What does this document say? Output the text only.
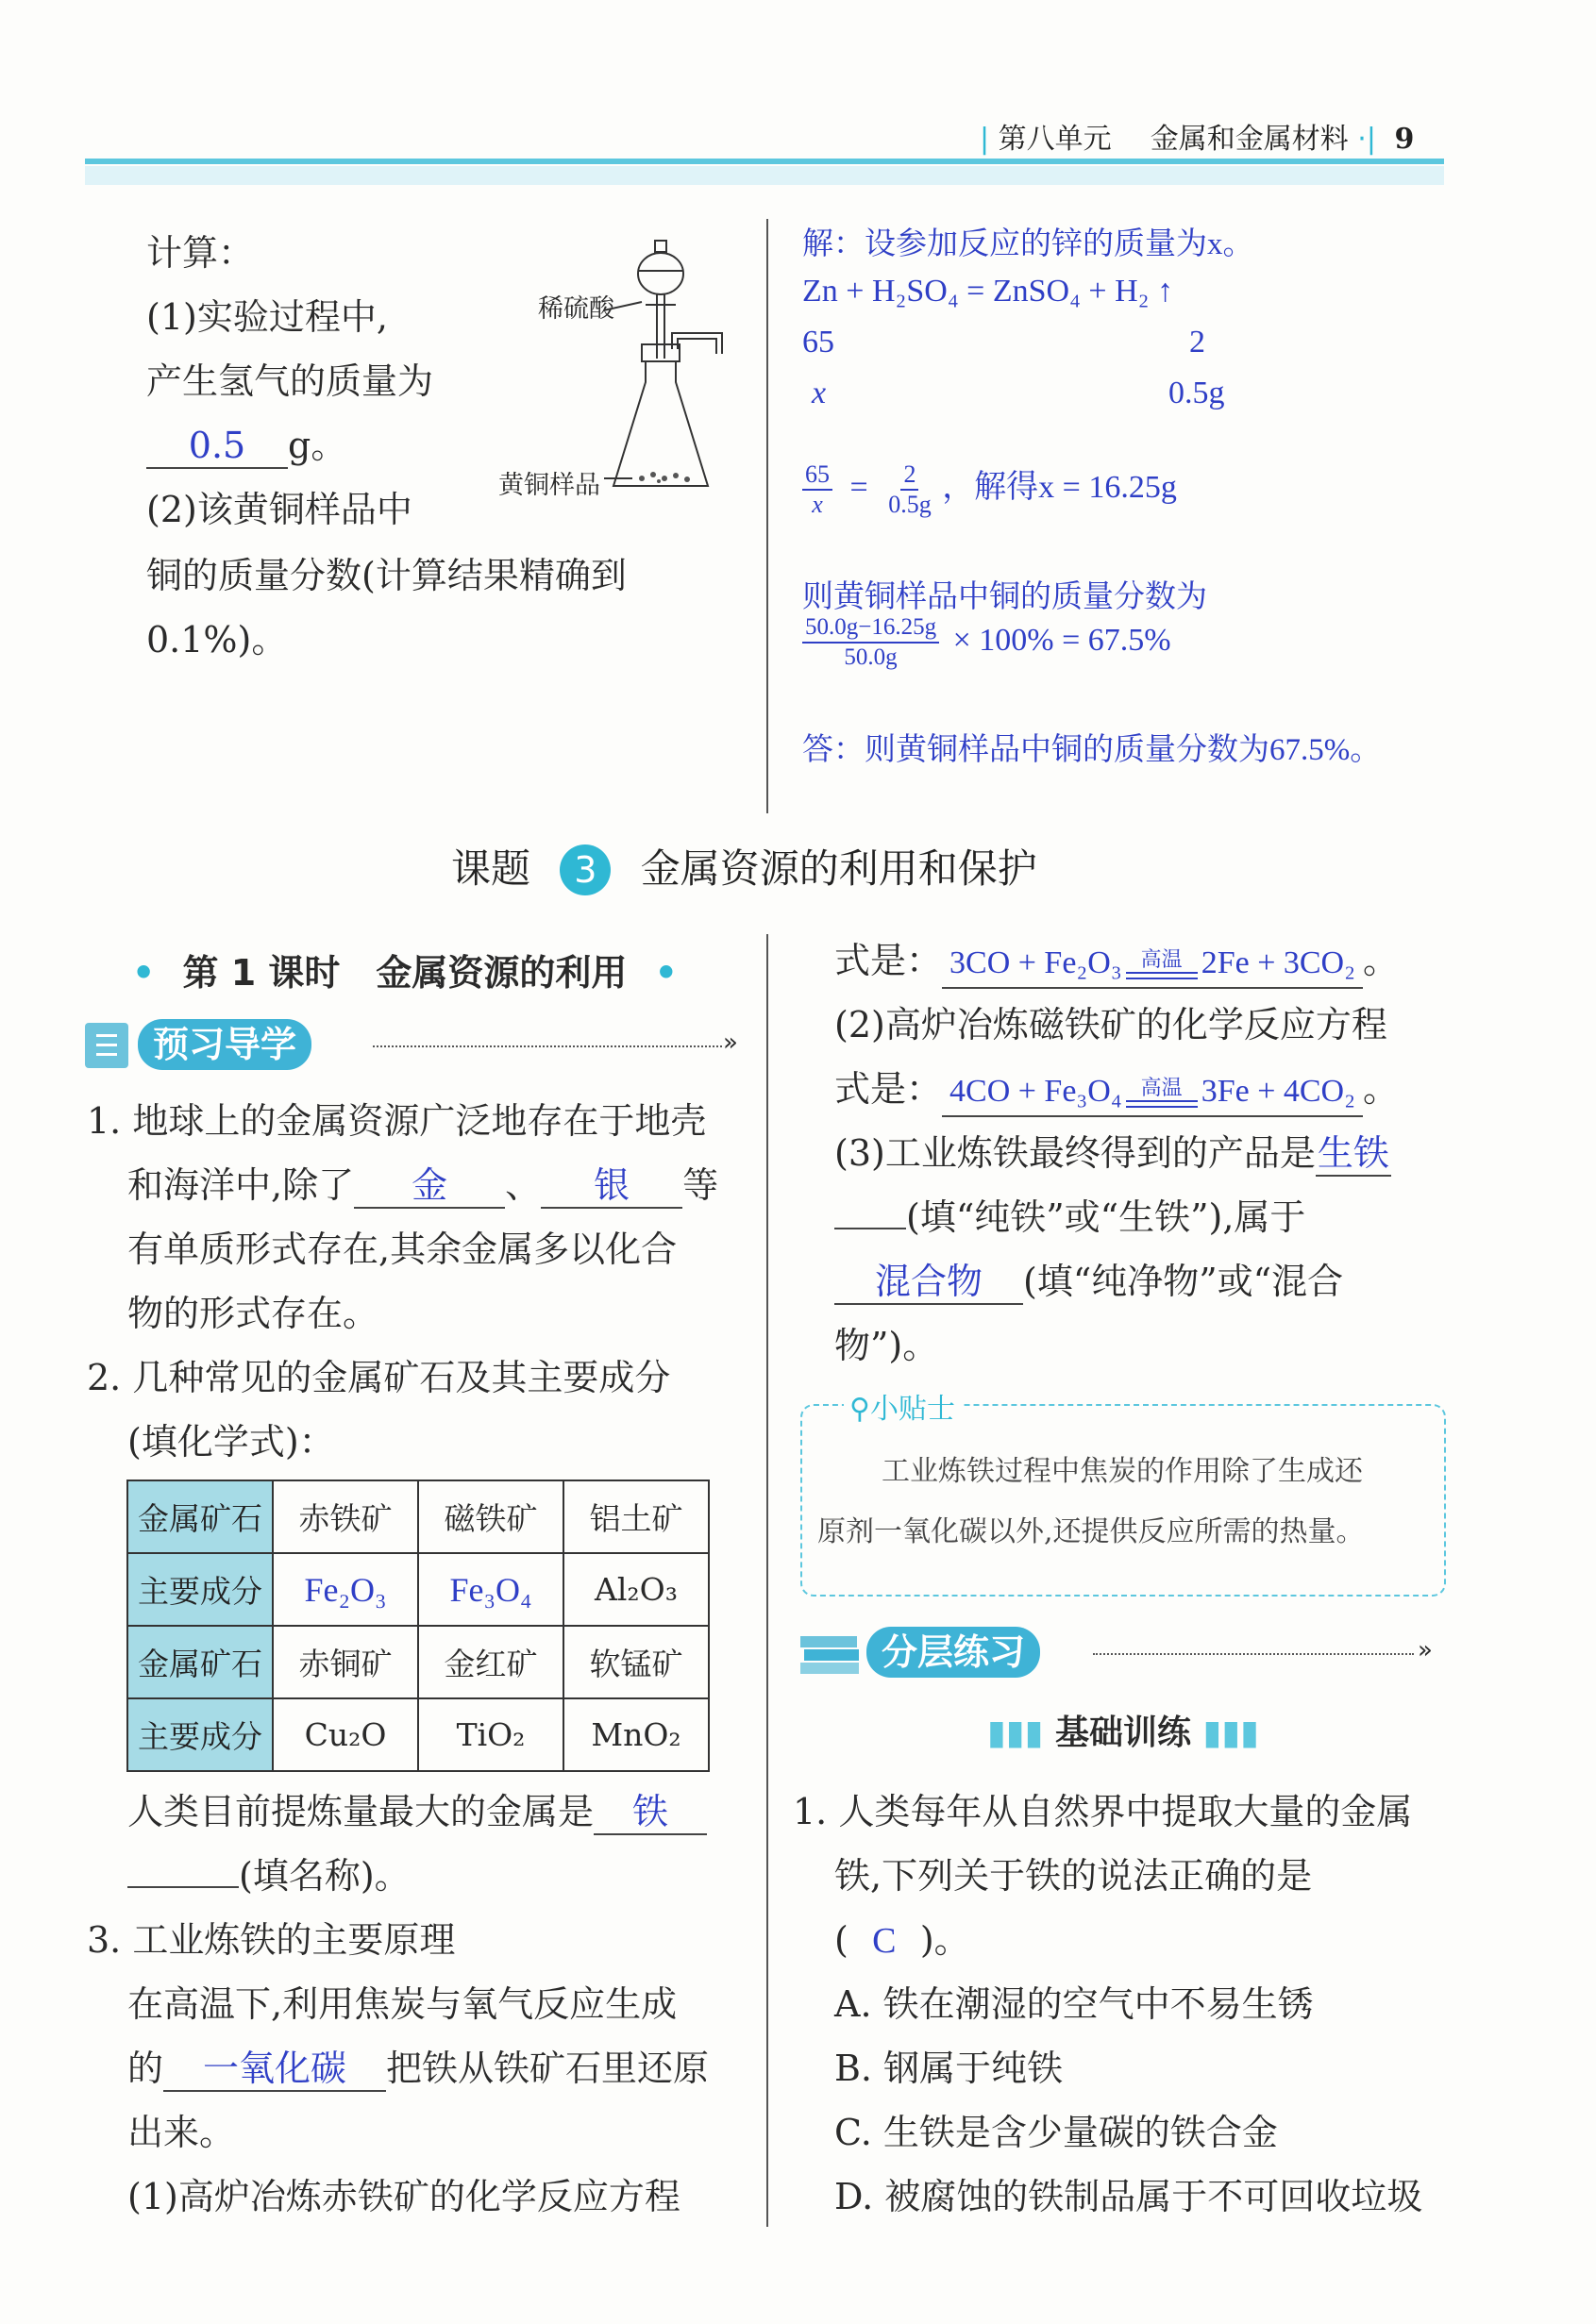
| 第八单元 金属和金属材料 ·| 9
计算：
(1)实验过程中,
产生氢气的质量为
0.5 g。
(2)该黄铜样品中
铜的质量分数(计算结果精确到
0.1%)。
稀硫酸
黄铜样品
解：设参加反应的锌的质量为x。
Zn + H₂SO₄ = ZnSO₄ + H₂ ↑
65	2
x	0.5g
$\frac{65}{x} = \frac{2}{0.5g}$ ，解得x = 16.25g
则黄铜样品中铜的质量分数为
$\frac{50.0g-16.25g}{50.0g} \times 100\% = 67.5\%$
答：则黄铜样品中铜的质量分数为67.5%。
课题 3 金属资源的利用和保护
• 第 1 课时　金属资源的利用 •
预习导学	»
1. 地球上的金属资源广泛地存在于地壳
和海洋中,除了 金 、 银 等
有单质形式存在,其余金属多以化合
物的形式存在。
2. 几种常见的金属矿石及其主要成分
(填化学式)：
金属矿石	赤铁矿	磁铁矿	铝土矿
主要成分	Fe₂O₃	Fe₃O₄	Al₂O₃
金属矿石	赤铜矿	金红矿	软锰矿
主要成分	Cu₂O	TiO₂	MnO₂
人类目前提炼量最大的金属是 铁
(填名称)。
3. 工业炼铁的主要原理
在高温下,利用焦炭与氧气反应生成
的 一氧化碳 把铁从铁矿石里还原
出来。
(1)高炉冶炼赤铁矿的化学反应方程
式是： 3CO + Fe₂O₃ 高温 2Fe + 3CO₂ 。
(2)高炉冶炼磁铁矿的化学反应方程
式是： 4CO + Fe₃O₄ 高温 3Fe + 4CO₂ 。
(3)工业炼铁最终得到的产品是生铁
(填“纯铁”或“生铁”),属于
混合物 (填“纯净物”或“混合
物”)。
⚲小贴士
工业炼铁过程中焦炭的作用除了生成还
原剂一氧化碳以外,还提供反应所需的热量。
分层练习	»
▮▮▮ 基础训练 ▮▮▮
1. 人类每年从自然界中提取大量的金属
铁,下列关于铁的说法正确的是
( C )。
A. 铁在潮湿的空气中不易生锈
B. 钢属于纯铁
C. 生铁是含少量碳的铁合金
D. 被腐蚀的铁制品属于不可回收垃圾
